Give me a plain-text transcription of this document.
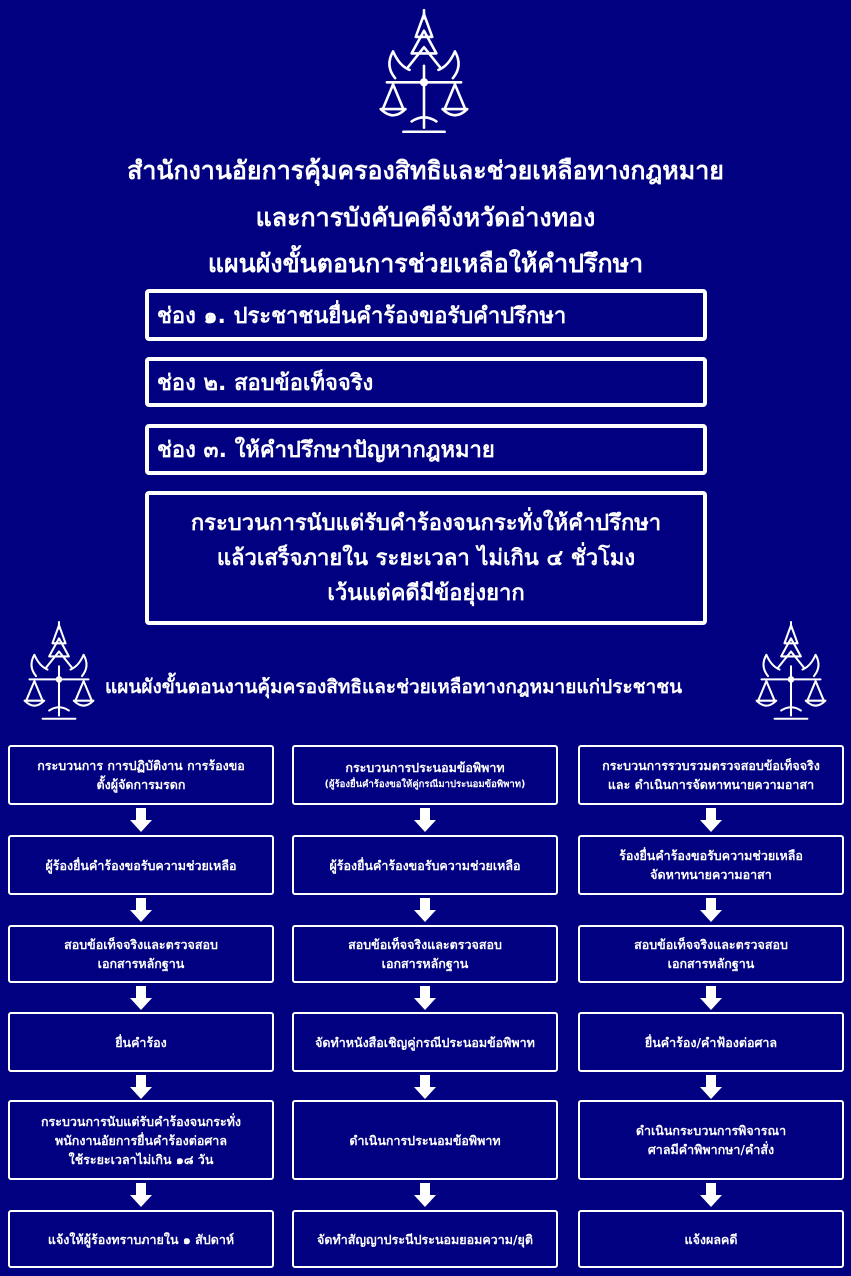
สำนักงานอัยการคุ้มครองสิทธิและช่วยเหลือทางกฎหมาย
และการบังคับคดีจังหวัดอ่างทอง
แผนผังขั้นตอนการช่วยเหลือให้คำปรึกษา
ช่อง ๑. ประชาชนยื่นคำร้องขอรับคำปรึกษา
ช่อง ๒. สอบข้อเท็จจริง
ช่อง ๓. ให้คำปรึกษาปัญหากฎหมาย
กระบวนการนับแต่รับคำร้องจนกระทั่งให้คำปรึกษา
แล้วเสร็จภายใน ระยะเวลา ไม่เกิน ๔ ชั่วโมง
เว้นแต่คดีมีข้อยุ่งยาก
แผนผังขั้นตอนงานคุ้มครองสิทธิและช่วยเหลือทางกฎหมายแก่ประชาชน
กระบวนการ การปฏิบัติงาน การร้องขอ
ตั้งผู้จัดการมรดก
ผู้ร้องยื่นคำร้องขอรับความช่วยเหลือ
สอบข้อเท็จจริงและตรวจสอบ
เอกสารหลักฐาน
ยื่นคำร้อง
กระบวนการนับแต่รับคำร้องจนกระทั่ง
พนักงานอัยการยื่นคำร้องต่อศาล
ใช้ระยะเวลาไม่เกิน ๑๘ วัน
แจ้งให้ผู้ร้องทราบภายใน ๑ สัปดาห์
กระบวนการประนอมข้อพิพาท
(ผู้ร้องยื่นคำร้องขอให้คู่กรณีมาประนอมข้อพิพาท)
ผู้ร้องยื่นคำร้องขอรับความช่วยเหลือ
สอบข้อเท็จจริงและตรวจสอบ
เอกสารหลักฐาน
จัดทำหนังสือเชิญคู่กรณีประนอมข้อพิพาท
ดำเนินการประนอมข้อพิพาท
จัดทำสัญญาประนีประนอมยอมความ/ยุติ
กระบวนการรวบรวมตรวจสอบข้อเท็จจริง
และ ดำเนินการจัดหาทนายความอาสา
ร้องยื่นคำร้องขอรับความช่วยเหลือ
จัดหาทนายความอาสา
สอบข้อเท็จจริงและตรวจสอบ
เอกสารหลักฐาน
ยื่นคำร้อง/คำฟ้องต่อศาล
ดำเนินกระบวนการพิจารณา
ศาลมีคำพิพากษา/คำสั่ง
แจ้งผลคดี
